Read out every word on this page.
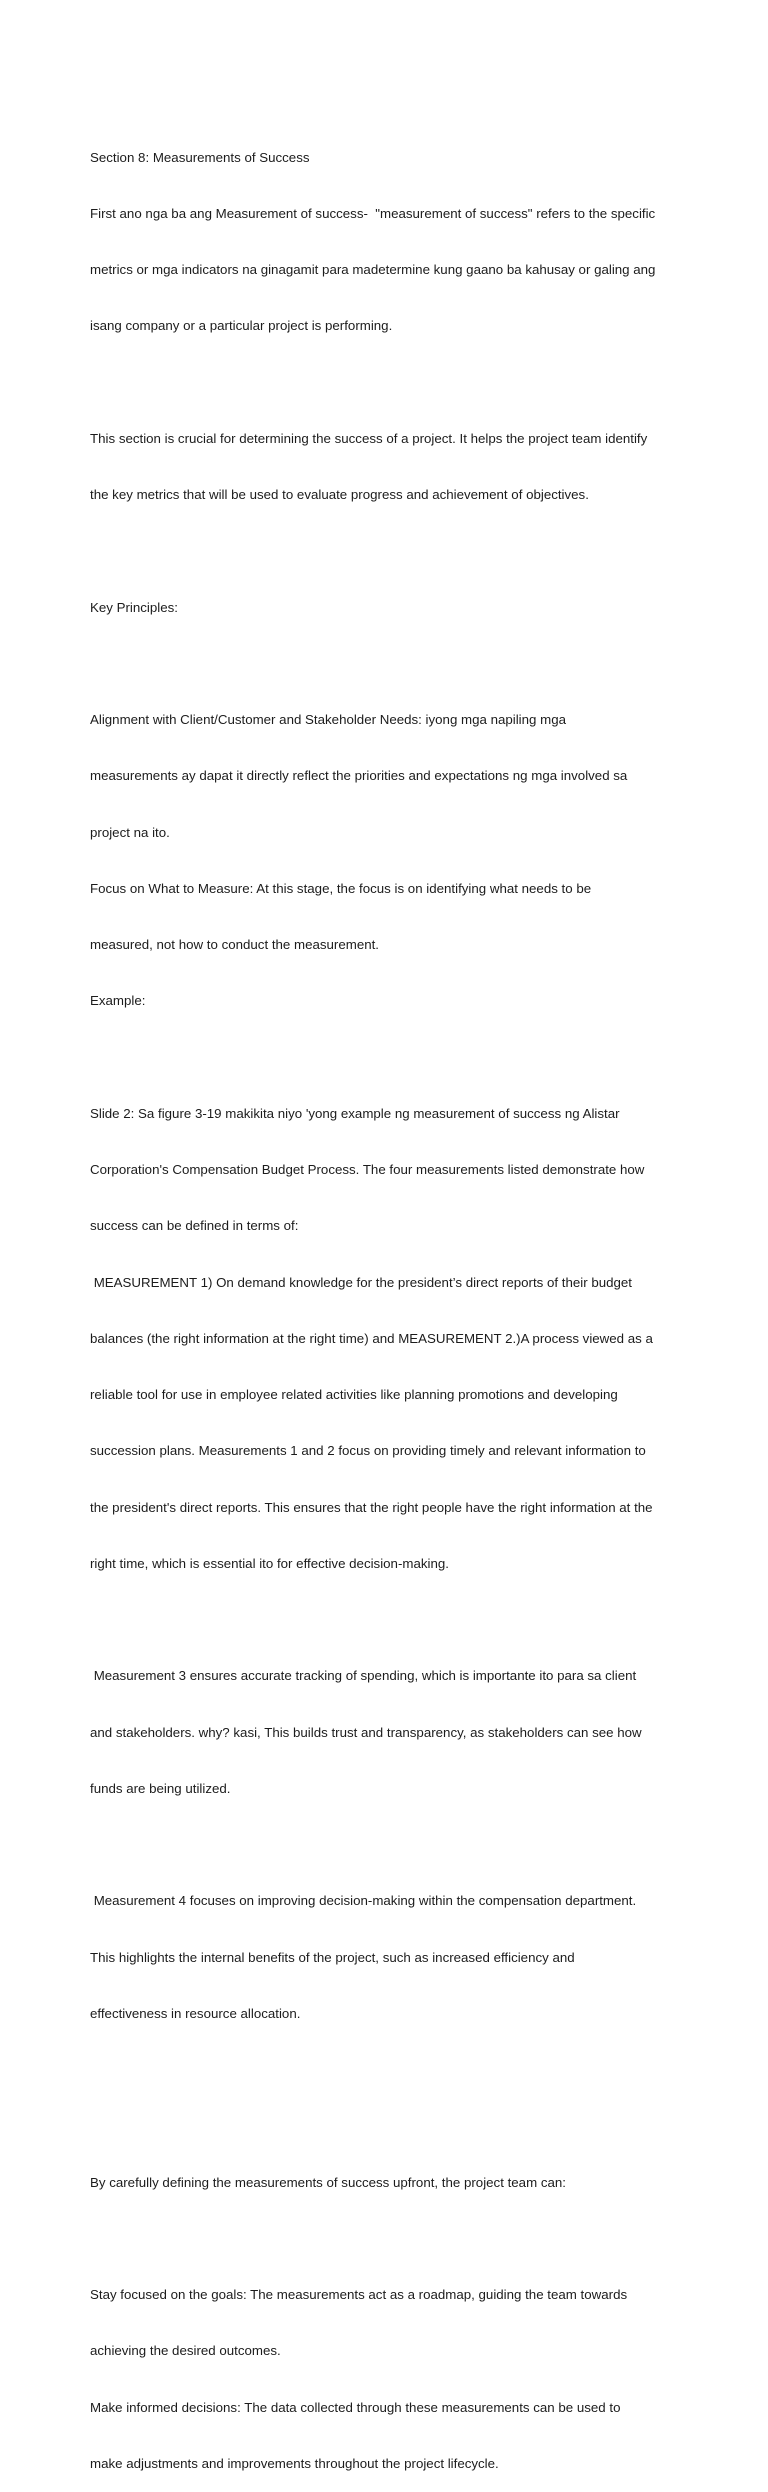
Section 8: Measurements of Success

First ano nga ba ang Measurement of success-  "measurement of success" refers to the specific

metrics or mga indicators na ginagamit para madetermine kung gaano ba kahusay or galing ang

isang company or a particular project is performing.

This section is crucial for determining the success of a project. It helps the project team identify

the key metrics that will be used to evaluate progress and achievement of objectives.

Key Principles:

Alignment with Client/Customer and Stakeholder Needs: iyong mga napiling mga

measurements ay dapat it directly reflect the priorities and expectations ng mga involved sa

project na ito.

Focus on What to Measure: At this stage, the focus is on identifying what needs to be

measured, not how to conduct the measurement.

Example:

Slide 2: Sa figure 3-19 makikita niyo 'yong example ng measurement of success ng Alistar

Corporation's Compensation Budget Process. The four measurements listed demonstrate how

success can be defined in terms of:

MEASUREMENT 1) On demand knowledge for the president’s direct reports of their budget

balances (the right information at the right time) and MEASUREMENT 2.)A process viewed as a

reliable tool for use in employee related activities like planning promotions and developing

succession plans. Measurements 1 and 2 focus on providing timely and relevant information to

the president's direct reports. This ensures that the right people have the right information at the

right time, which is essential ito for effective decision-making.

Measurement 3 ensures accurate tracking of spending, which is importante ito para sa client

and stakeholders. why? kasi, This builds trust and transparency, as stakeholders can see how

funds are being utilized.

Measurement 4 focuses on improving decision-making within the compensation department.

This highlights the internal benefits of the project, such as increased efficiency and

effectiveness in resource allocation.

By carefully defining the measurements of success upfront, the project team can:

Stay focused on the goals: The measurements act as a roadmap, guiding the team towards

achieving the desired outcomes.

Make informed decisions: The data collected through these measurements can be used to

make adjustments and improvements throughout the project lifecycle.
